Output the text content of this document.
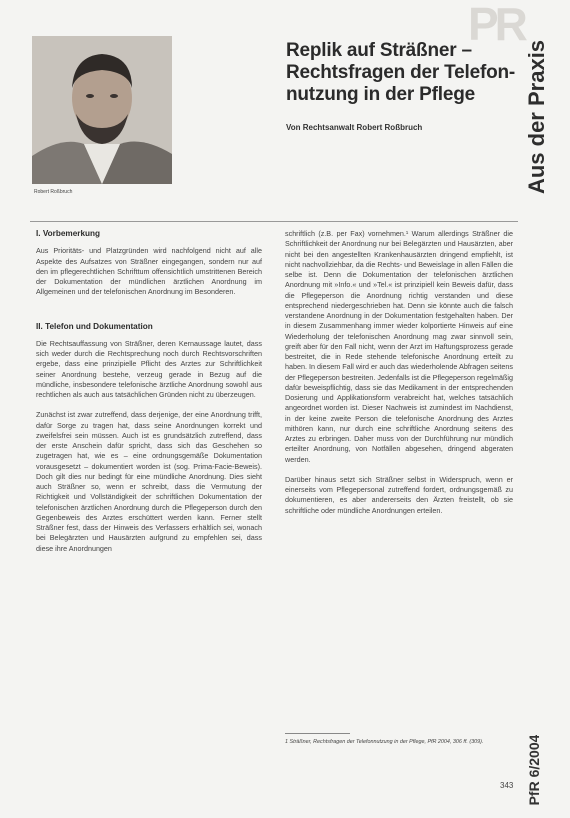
Robert Roßbruch
PR
Replik auf Sträßner – Rechtsfragen der Telefon-nutzung in der Pflege
Von Rechtsanwalt Robert Roßbruch	Aus der Praxis
I. Vorbemerkung
Aus Prioritäts- und Platzgründen wird nachfolgend nicht auf alle Aspekte des Aufsatzes von Sträßner eingegangen, sondern nur auf den im pflegerechtlichen Schrifttum offensichtlich umstrittenen Bereich der Dokumentation der mündlichen ärztlichen Anordnung im Allgemeinen und der telefonischen Anordnung im Besonderen.
II. Telefon und Dokumentation
Die Rechtsauffassung von Sträßner, deren Kernaussage lautet, dass sich weder durch die Rechtsprechung noch durch Rechtsvorschriften ergebe, dass eine prinzipielle Pflicht des Arztes zur Schriftlichkeit seiner Anordnung bestehe, verzeug gerade in Bezug auf die mündliche, insbesondere telefonische ärztliche Anordnung sowohl aus rechtlichen als auch aus tatsächlichen Gründen nicht zu überzeugen.
Zunächst ist zwar zutreffend, dass derjenige, der eine Anordnung trifft, dafür Sorge zu tragen hat, dass seine Anordnungen korrekt und zweifelsfrei sein müssen. Auch ist es grundsätzlich zutreffend, dass der erste Anschein dafür spricht, dass sich das Geschehen so zugetragen hat, wie es – eine ordnungsgemäße Dokumentation vorausgesetzt – dokumentiert worden ist (sog. Prima-Facie-Beweis). Doch gilt dies nur bedingt für eine mündliche Anordnung. Dies sieht auch Sträßner so, wenn er schreibt, dass die Vermutung der Richtigkeit und Vollständigkeit der schriftlichen Dokumentation der telefonischen ärztlichen Anordnung durch die Pflegeperson durch den Gegenbeweis des Arztes erschüttert werden kann. Ferner stellt Sträßner fest, dass der Hinweis des Verfassers erhältlich sei, wonach bei Belegärzten und Hausärzten aufgrund zu empfehlen sei, dass diese ihre Anordnungen
schriftlich (z.B. per Fax) vornehmen.¹ Warum allerdings Sträßner die Schriftlichkeit der Anordnung nur bei Belegärzten und Hausärzten, aber nicht bei den angestellten Krankenhausärzten dringend empfiehlt, ist nicht nachvollziehbar, da die Rechts- und Beweislage in allen Fällen die selbe ist. Denn die Dokumentation der telefonischen ärztlichen Anordnung mit »Info.« und »Tel.« ist prinzipiell kein Beweis dafür, dass die Pflegeperson die Anordnung richtig verstanden und diese entsprechend niedergeschrieben hat. Denn sie könnte auch die falsch verstandene Anordnung in der Dokumentation festgehalten haben. Der in diesem Zusammenhang immer wieder kolportierte Hinweis auf eine Wiederholung der telefonischen Anordnung mag zwar sinnvoll sein, greift aber für den Fall nicht, wenn der Arzt im Haftungsprozess gerade bestreitet, die in Rede stehende telefonische Anordnung erteilt zu haben. In diesem Fall wird er auch das wiederholende Abfragen seitens der Pflegeperson bestreiten. Jedenfalls ist die Pflegeperson regelmäßig dafür beweispflichtig, dass sie das Medikament in der entsprechenden Dosierung und Applikationsform verabreicht hat, welches tatsächlich angeordnet worden ist. Dieser Nachweis ist zumindest im Nachdienst, in der keine zweite Person die telefonische Anordnung des Arztes mithören kann, nur durch eine schriftliche Anordnung seitens des Arztes zu erbringen. Daher muss von der Durchführung nur mündlich erteilter Anordnung, von Notfällen abgesehen, dringend abgeraten werden.
Darüber hinaus setzt sich Sträßner selbst in Widerspruch, wenn er einerseits vom Pflegepersonal zutreffend fordert, ordnungsgemäß zu dokumentieren, es aber andererseits den Ärzten freistellt, ob sie schriftliche oder mündliche Anordnungen erteilen.
1 Sträßner, Rechtsfragen der Telefonnutzung in der Pflege, PfR 2004, 306 ff. (309).	PfR 6/2004
343
